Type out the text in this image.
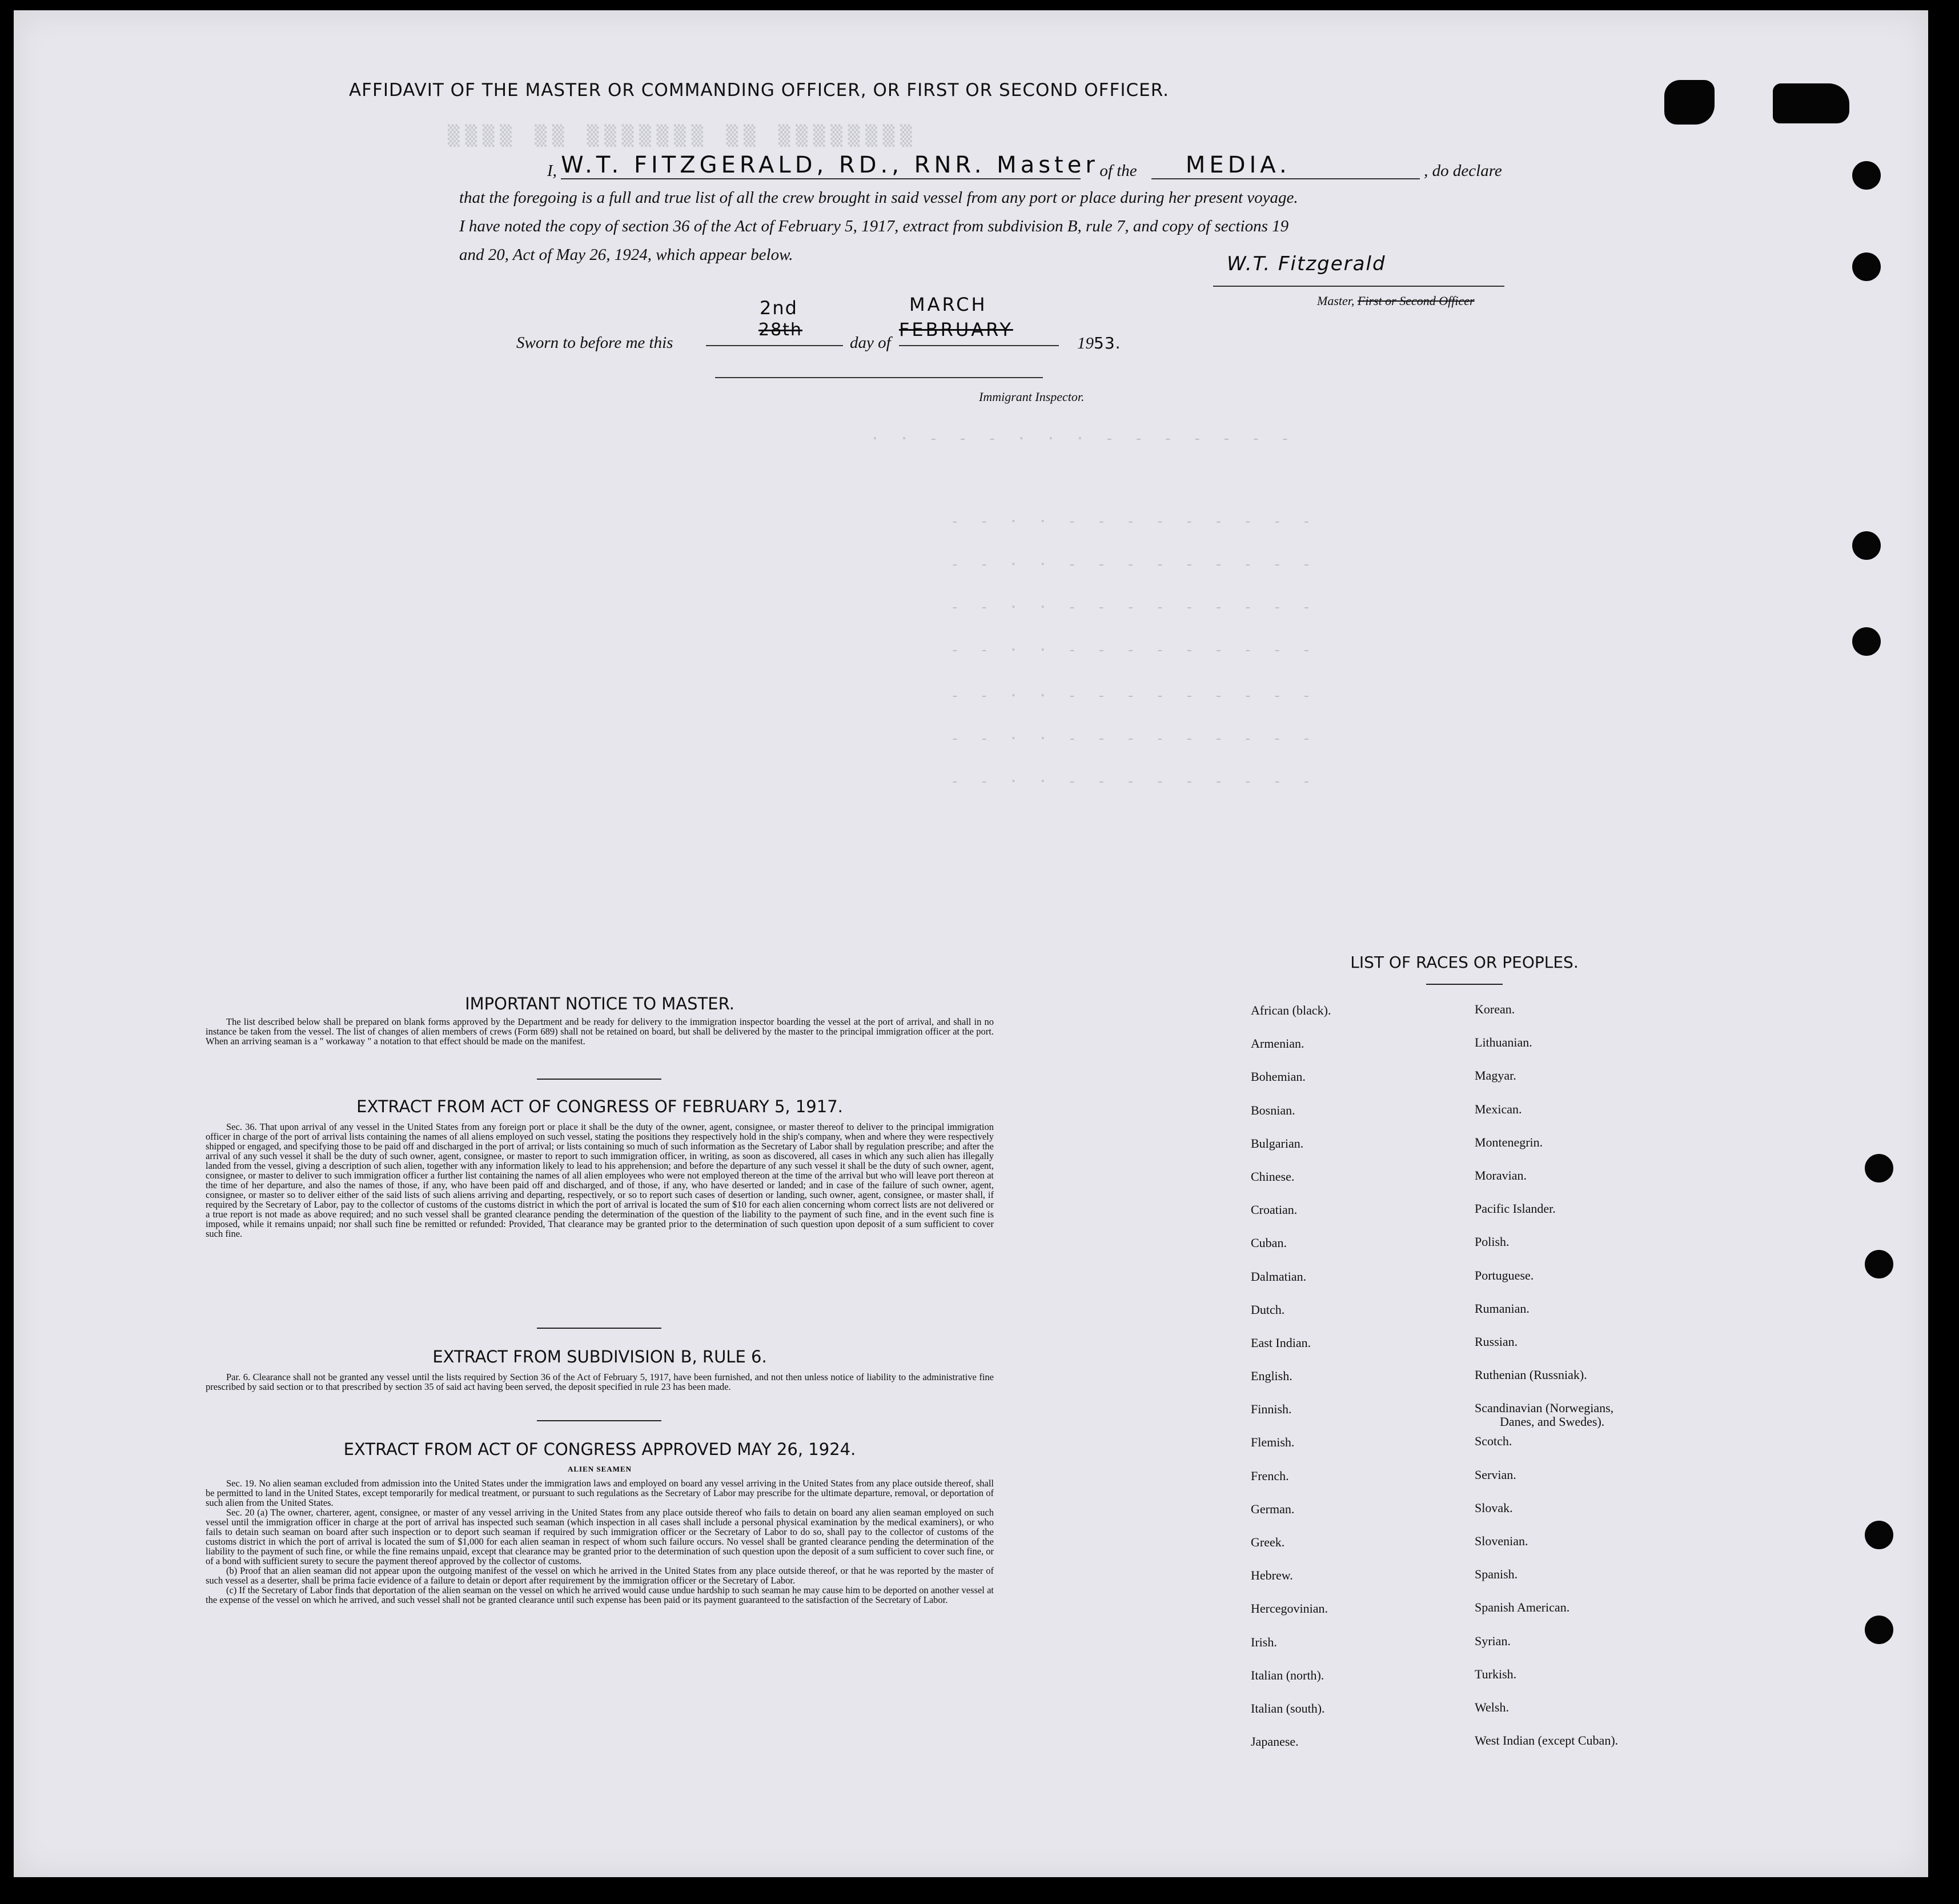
AFFIDAVIT OF THE MASTER OR COMMANDING OFFICER, OR FIRST OR SECOND OFFICER.
I, W.T. FITZGERALD, RD., RNR. Master of the MEDIA.	, do declare
that the foregoing is a full and true list of all the crew brought in said vessel from any port or place during her present voyage.
I have noted the copy of section 36 of the Act of February 5, 1917, extract from subdivision B, rule 7, and copy of sections 19
and 20, Act of May 26, 1924, which appear below.	W.T. Fitzgerald
Master, First or Second Officer
Sworn to before me this
2nd
28th
day of
MARCH
FEBRUARY
1953.
Immigrant Inspector.
▒▒▒▒ ▒▒ ▒▒▒▒▒▒▒ ▒▒ ▒▒▒▒▒▒▒▒
· · ‑ ‑ ‑ · · · ‑ ‑ ‑ ‑ ‑ ‑ ‑
‑ ‑ · · ‑ ‑ ‑ ‑ ‑ ‑ ‑ ‑ ‑
‑ ‑ · · ‑ ‑ ‑ ‑ ‑ ‑ ‑ ‑ ‑
‑ ‑ · · ‑ ‑ ‑ ‑ ‑ ‑ ‑ ‑ ‑
‑ ‑ · · ‑ ‑ ‑ ‑ ‑ ‑ ‑ ‑ ‑
‑ ‑ · · ‑ ‑ ‑ ‑ ‑ ‑ ‑ ‑ ‑
‑ ‑ · · ‑ ‑ ‑ ‑ ‑ ‑ ‑ ‑ ‑
‑ ‑ · · ‑ ‑ ‑ ‑ ‑ ‑ ‑ ‑ ‑
IMPORTANT NOTICE TO MASTER.

The list described below shall be prepared on blank forms approved by the Department and be ready for delivery to the immigration inspector boarding the vessel at the port of arrival, and shall in no instance be taken from the vessel. The list of changes of alien members of crews (Form 689) shall not be retained on board, but shall be delivered by the master to the principal immigration officer at the port. When an arriving seaman is a " workaway " a notation to that effect should be made on the manifest.

EXTRACT FROM ACT OF CONGRESS OF FEBRUARY 5, 1917.

Sec. 36. That upon arrival of any vessel in the United States from any foreign port or place it shall be the duty of the owner, agent, consignee, or master thereof to deliver to the principal immigration officer in charge of the port of arrival lists containing the names of all aliens employed on such vessel, stating the positions they respectively hold in the ship's company, when and where they were respectively shipped or engaged, and specifying those to be paid off and discharged in the port of arrival; or lists containing so much of such information as the Secretary of Labor shall by regulation prescribe; and after the arrival of any such vessel it shall be the duty of such owner, agent, consignee, or master to report to such immigration officer, in writing, as soon as discovered, all cases in which any such alien has illegally landed from the vessel, giving a description of such alien, together with any information likely to lead to his apprehension; and before the departure of any such vessel it shall be the duty of such owner, agent, consignee, or master to deliver to such immigration officer a further list containing the names of all alien employees who were not employed thereon at the time of the arrival but who will leave port thereon at the time of her departure, and also the names of those, if any, who have been paid off and discharged, and of those, if any, who have deserted or landed; and in case of the failure of such owner, agent, consignee, or master so to deliver either of the said lists of such aliens arriving and departing, respectively, or so to report such cases of desertion or landing, such owner, agent, consignee, or master shall, if required by the Secretary of Labor, pay to the collector of customs of the customs district in which the port of arrival is located the sum of $10 for each alien concerning whom correct lists are not delivered or a true report is not made as above required; and no such vessel shall be granted clearance pending the determination of the question of the liability to the payment of such fine, and in the event such fine is imposed, while it remains unpaid; nor shall such fine be remitted or refunded: Provided, That clearance may be granted prior to the determination of such question upon deposit of a sum sufficient to cover such fine.

EXTRACT FROM SUBDIVISION B, RULE 6.

Par. 6. Clearance shall not be granted any vessel until the lists required by Section 36 of the Act of February 5, 1917, have been furnished, and not then unless notice of liability to the administrative fine prescribed by said section or to that prescribed by section 35 of said act having been served, the deposit specified in rule 23 has been made.

EXTRACT FROM ACT OF CONGRESS APPROVED MAY 26, 1924.
ALIEN SEAMEN

Sec. 19. No alien seaman excluded from admission into the United States under the immigration laws and employed on board any vessel arriving in the United States from any place outside thereof, shall be permitted to land in the United States, except temporarily for medical treatment, or pursuant to such regulations as the Secretary of Labor may prescribe for the ultimate departure, removal, or deportation of such alien from the United States.

Sec. 20 (a) The owner, charterer, agent, consignee, or master of any vessel arriving in the United States from any place outside thereof who fails to detain on board any alien seaman employed on such vessel until the immigration officer in charge at the port of arrival has inspected such seaman (which inspection in all cases shall include a personal physical examination by the medical examiners), or who fails to detain such seaman on board after such inspection or to deport such seaman if required by such immigration officer or the Secretary of Labor to do so, shall pay to the collector of customs of the customs district in which the port of arrival is located the sum of $1,000 for each alien seaman in respect of whom such failure occurs. No vessel shall be granted clearance pending the determination of the liability to the payment of such fine, or while the fine remains unpaid, except that clearance may be granted prior to the determination of such question upon the deposit of a sum sufficient to cover such fine, or of a bond with sufficient surety to secure the payment thereof approved by the collector of customs.

(b) Proof that an alien seaman did not appear upon the outgoing manifest of the vessel on which he arrived in the United States from any place outside thereof, or that he was reported by the master of such vessel as a deserter, shall be prima facie evidence of a failure to detain or deport after requirement by the immigration officer or the Secretary of Labor.

(c) If the Secretary of Labor finds that deportation of the alien seaman on the vessel on which he arrived would cause undue hardship to such seaman he may cause him to be deported on another vessel at the expense of the vessel on which he arrived, and such vessel shall not be granted clearance until such expense has been paid or its payment guaranteed to the satisfaction of the Secretary of Labor.

LIST OF RACES OR PEOPLES.
African (black).
Armenian.
Bohemian.
Bosnian.
Bulgarian.
Chinese.
Croatian.
Cuban.
Dalmatian.
Dutch.
East Indian.
English.
Finnish.
Flemish.
French.
German.
Greek.
Hebrew.
Hercegovinian.
Irish.
Italian (north).
Italian (south).
Japanese.
Korean.
Lithuanian.
Magyar.
Mexican.
Montenegrin.
Moravian.
Pacific Islander.
Polish.
Portuguese.
Rumanian.
Russian.
Ruthenian (Russniak).
Scandinavian (Norwegians,
Danes, and Swedes).
Scotch.
Servian.
Slovak.
Slovenian.
Spanish.
Spanish American.
Syrian.
Turkish.
Welsh.
West Indian (except Cuban).
